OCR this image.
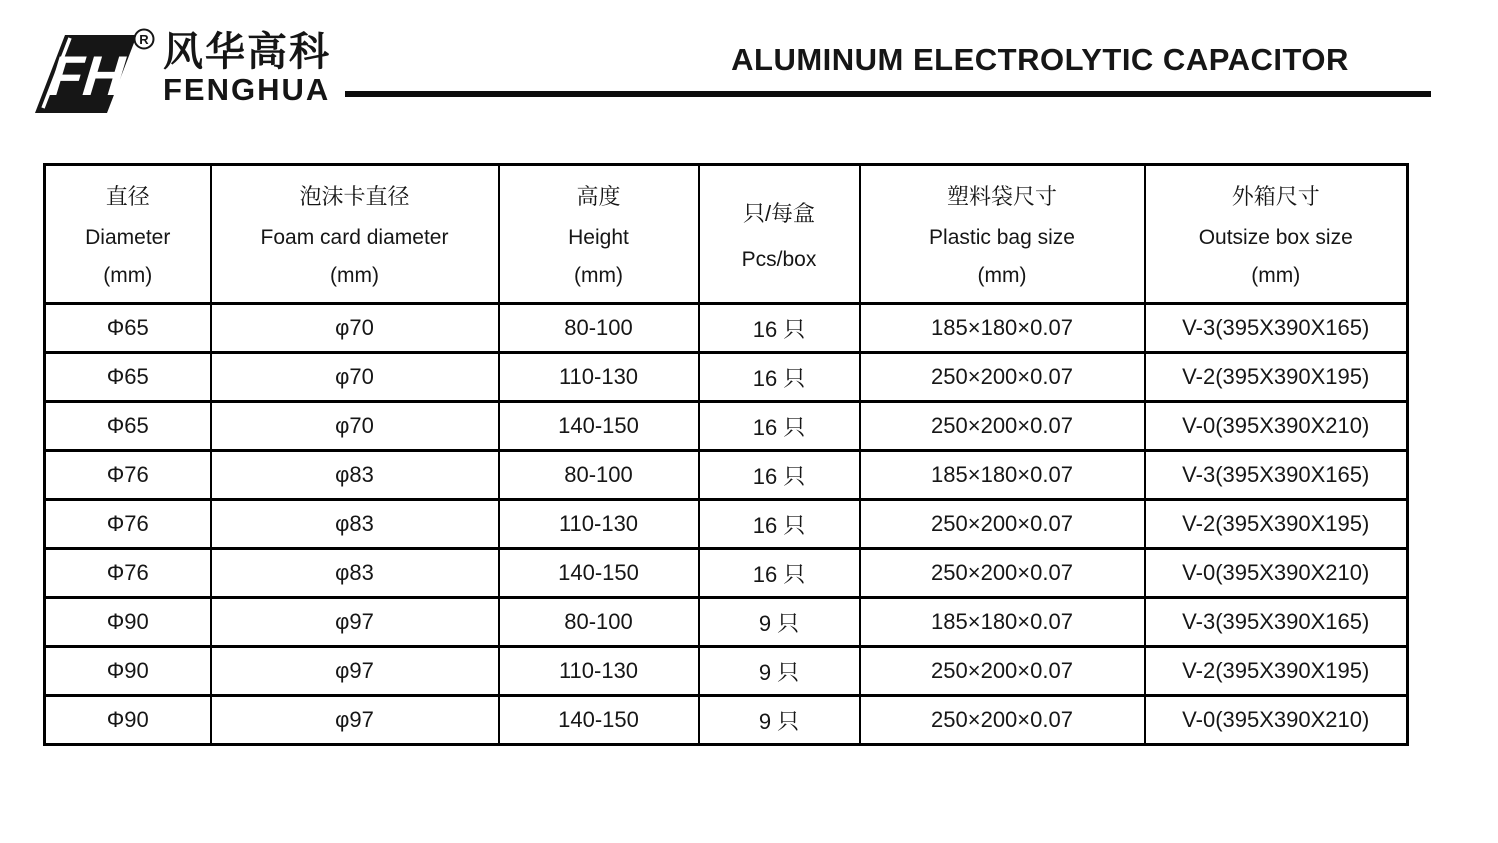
FH
R 风华高科
FENGHUA
ALUMINUM ELECTROLYTIC CAPACITOR
直径
Diameter
(mm)	泡沫卡直径
Foam card diameter
(mm)	高度
Height
(mm)	只/每盒
Pcs/box	塑料袋尺寸
Plastic bag size
(mm)	外箱尺寸
Outsize box size
(mm)

Φ65	φ70	80-100	16 只	185×180×0.07	V-3(395X390X165)
Φ65	φ70	110-130	16 只	250×200×0.07	V-2(395X390X195)
Φ65	φ70	140-150	16 只	250×200×0.07	V-0(395X390X210)
Φ76	φ83	80-100	16 只	185×180×0.07	V-3(395X390X165)
Φ76	φ83	110-130	16 只	250×200×0.07	V-2(395X390X195)
Φ76	φ83	140-150	16 只	250×200×0.07	V-0(395X390X210)
Φ90	φ97	80-100	9 只	185×180×0.07	V-3(395X390X165)
Φ90	φ97	110-130	9 只	250×200×0.07	V-2(395X390X195)
Φ90	φ97	140-150	9 只	250×200×0.07	V-0(395X390X210)
